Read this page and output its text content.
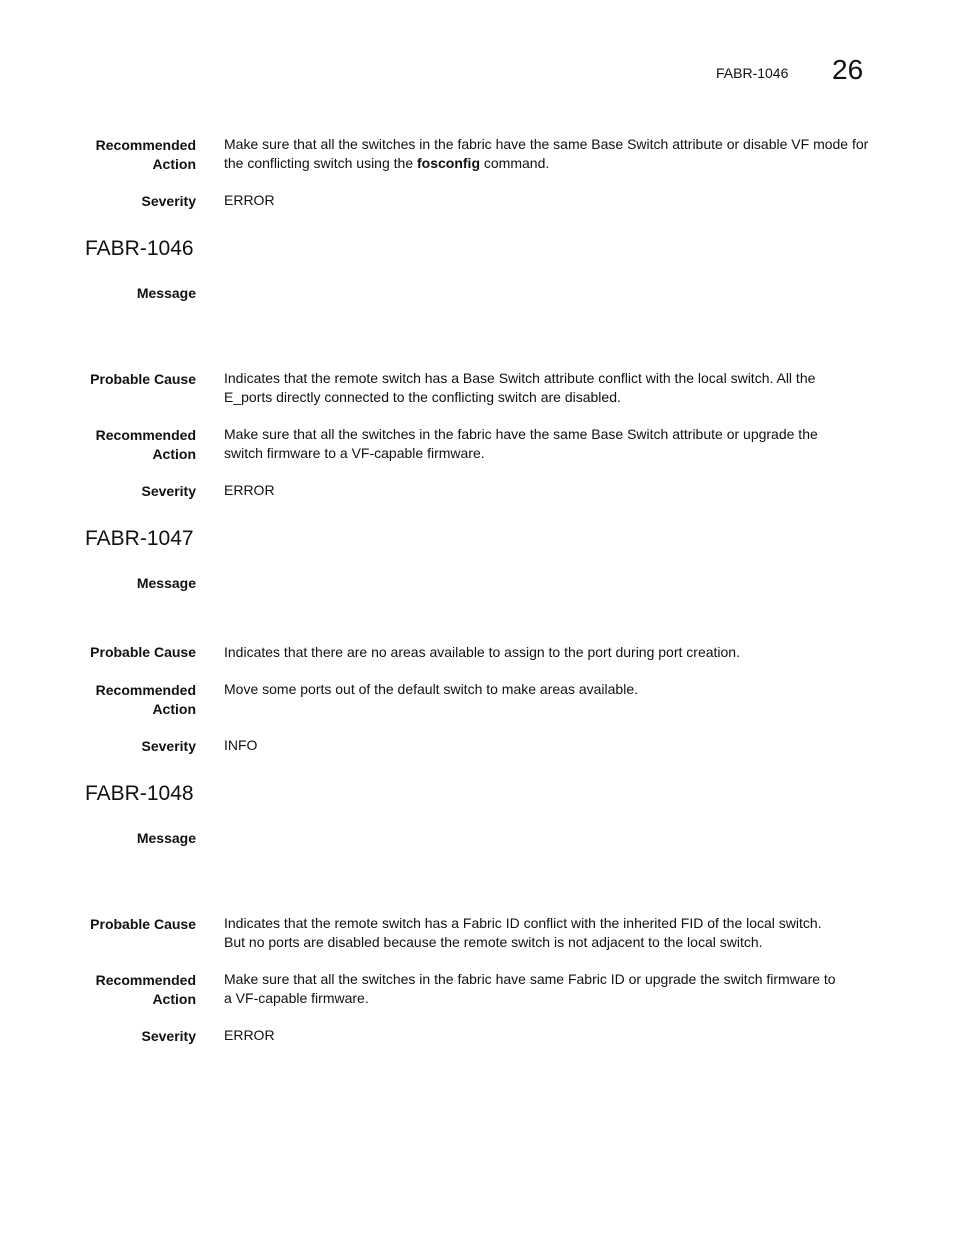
FABR-1046 26
Recommended
Action
Make sure that all the switches in the fabric have the same Base Switch attribute or disable VF mode for the conflicting switch using the fosconfig command.
Severity ERROR
FABR-1046
Message
Probable Cause Indicates that the remote switch has a Base Switch attribute conflict with the local switch. All the
E_ports directly connected to the conflicting switch are disabled.
Recommended
Action
Make sure that all the switches in the fabric have the same Base Switch attribute or upgrade the
switch firmware to a VF-capable firmware.
Severity ERROR
FABR-1047
Message
Probable Cause Indicates that there are no areas available to assign to the port during port creation.
Recommended
Action
Move some ports out of the default switch to make areas available.
Severity INFO
FABR-1048
Message
Probable Cause Indicates that the remote switch has a Fabric ID conflict with the inherited FID of the local switch.
But no ports are disabled because the remote switch is not adjacent to the local switch.
Recommended
Action
Make sure that all the switches in the fabric have same Fabric ID or upgrade the switch firmware to
a VF-capable firmware.
Severity ERROR
